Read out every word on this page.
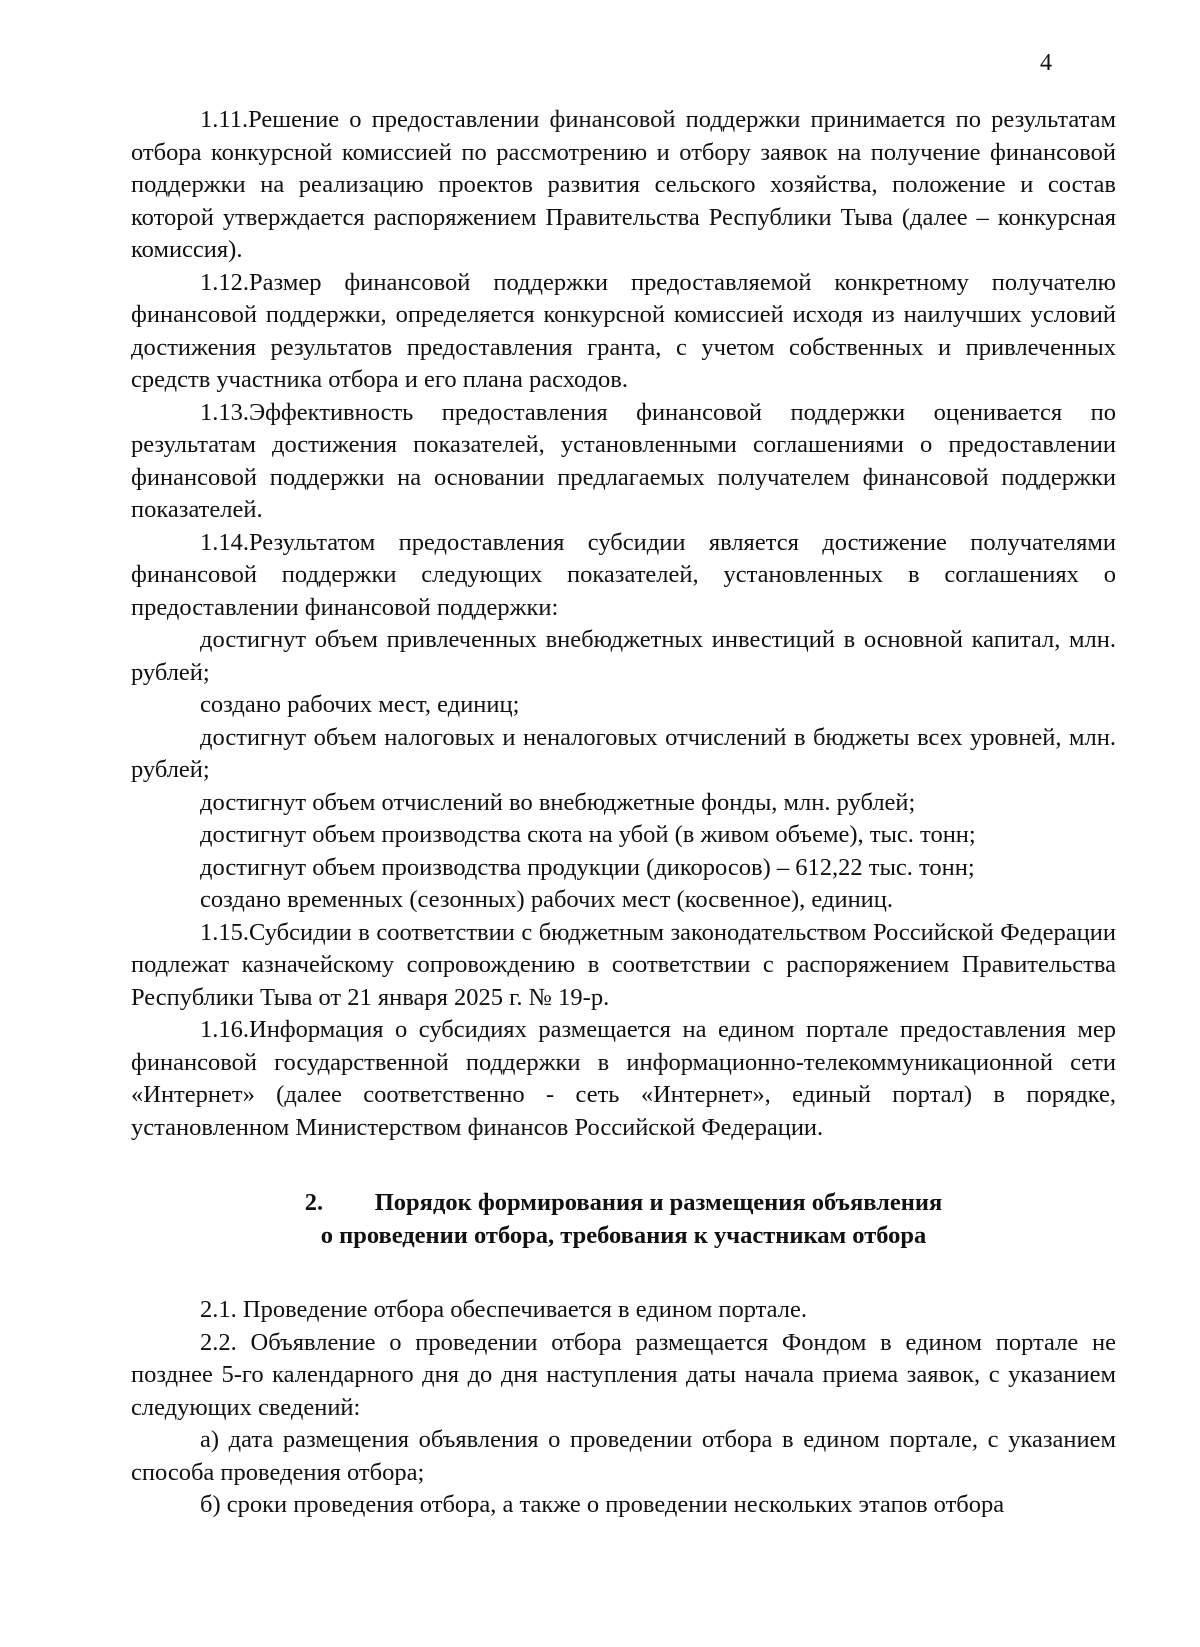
4

1.11.Решение о предоставлении финансовой поддержки принимается по результатам отбора конкурсной комиссией по рассмотрению и отбору заявок на получение финансовой поддержки на реализацию проектов развития сельского хозяйства, положение и состав которой утверждается распоряжением Правительства Республики Тыва (далее – конкурсная комиссия).

1.12.Размер финансовой поддержки предоставляемой конкретному получателю финансовой поддержки, определяется конкурсной комиссией исходя из наилучших условий достижения результатов предоставления гранта, с учетом собственных и привлеченных средств участника отбора и его плана расходов.

1.13.Эффективность предоставления финансовой поддержки оценивается по результатам достижения показателей, установленными соглашениями о предоставлении финансовой поддержки на основании предлагаемых получателем финансовой поддержки показателей.

1.14.Результатом предоставления субсидии является достижение получателями финансовой поддержки следующих показателей, установленных в соглашениях о предоставлении финансовой поддержки:

достигнут объем привлеченных внебюджетных инвестиций в основной капитал, млн. рублей;

создано рабочих мест, единиц;

достигнут объем налоговых и неналоговых отчислений в бюджеты всех уровней, млн. рублей;

достигнут объем отчислений во внебюджетные фонды, млн. рублей;

достигнут объем производства скота на убой (в живом объеме), тыс. тонн;

достигнут объем производства продукции (дикоросов) – 612,22 тыс. тонн;

создано временных (сезонных) рабочих мест (косвенное), единиц.

1.15.Субсидии в соответствии с бюджетным законодательством Российской Федерации подлежат казначейскому сопровождению в соответствии с распоряжением Правительства Республики Тыва от 21 января 2025 г. № 19-р.

1.16.Информация о субсидиях размещается на едином портале предоставления мер финансовой государственной поддержки в информационно-телекоммуникационной сети «Интернет» (далее соответственно - сеть «Интернет», единый портал) в порядке, установленном Министерством финансов Российской Федерации.

2. Порядок формирования и размещения объявления
о проведении отбора, требования к участникам отбора

2.1. Проведение отбора обеспечивается в едином портале.

2.2. Объявление о проведении отбора размещается Фондом в едином портале не позднее 5-го календарного дня до дня наступления даты начала приема заявок, с указанием следующих сведений:

а) дата размещения объявления о проведении отбора в едином портале, с указанием способа проведения отбора;

б) сроки проведения отбора, а также о проведении нескольких этапов отбора
